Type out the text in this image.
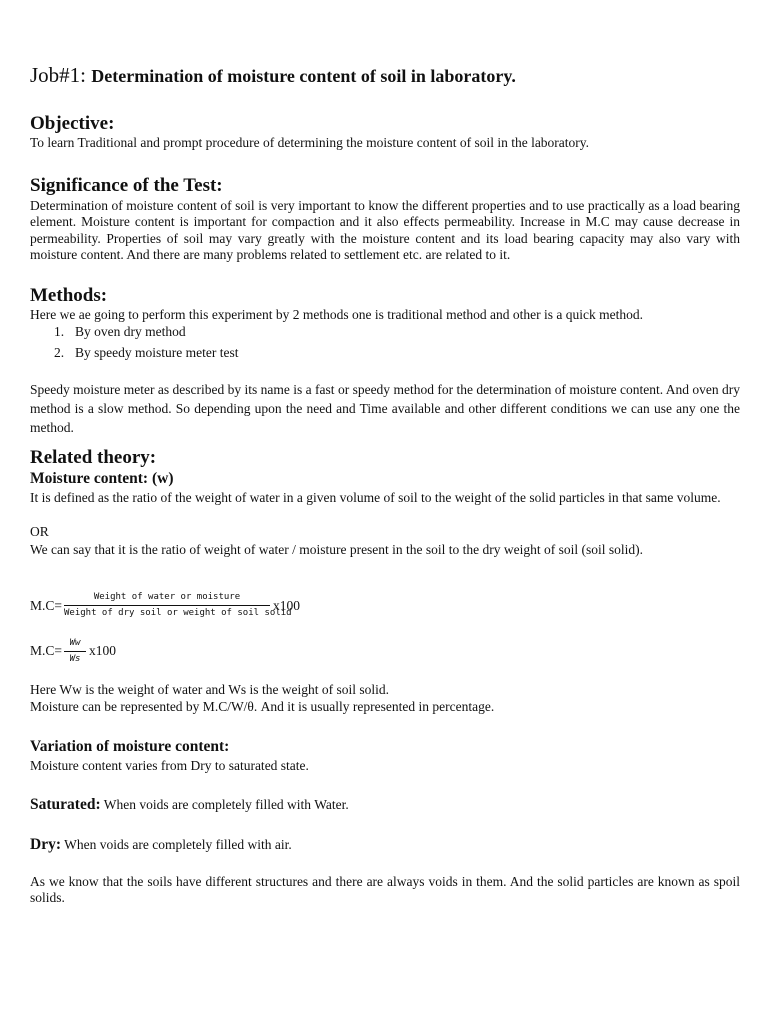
Job#1: Determination of moisture content of soil in laboratory.
Objective:
To learn Traditional and prompt procedure of determining the moisture content of soil in the laboratory.
Significance of the Test:
Determination of moisture content of soil is very important to know the different properties and to use practically as a load bearing element. Moisture content is important for compaction and it also effects permeability. Increase in M.C may cause decrease in permeability. Properties of soil may vary greatly with the moisture content and its load bearing capacity may also vary with moisture content. And there are many problems related to settlement etc. are related to it.
Methods:
Here we ae going to perform this experiment by 2 methods one is traditional method and other is a quick method.
1. By oven dry method
2. By speedy moisture meter test
Speedy moisture meter as described by its name is a fast or speedy method for the determination of moisture content. And oven dry method is a slow method. So depending upon the need and Time available and other different conditions we can use any one the method.
Related theory:
Moisture content: (w)
It is defined as the ratio of the weight of water in a given volume of soil to the weight of the solid particles in that same volume.
OR
We can say that it is the ratio of weight of water / moisture present in the soil to the dry weight of soil (soil solid).
M.C=
Weight of water or moisture
Weight of dry soil or weight of soil solid
x100
M.C= Ww
Ws
x100
Here Ww is the weight of water and Ws is the weight of soil solid.
Moisture can be represented by M.C/W/θ. And it is usually represented in percentage.
Variation of moisture content:
Moisture content varies from Dry to saturated state.
Saturated: When voids are completely filled with Water.
Dry: When voids are completely filled with air.
As we know that the soils have different structures and there are always voids in them. And the solid particles are known as spoil solids.
